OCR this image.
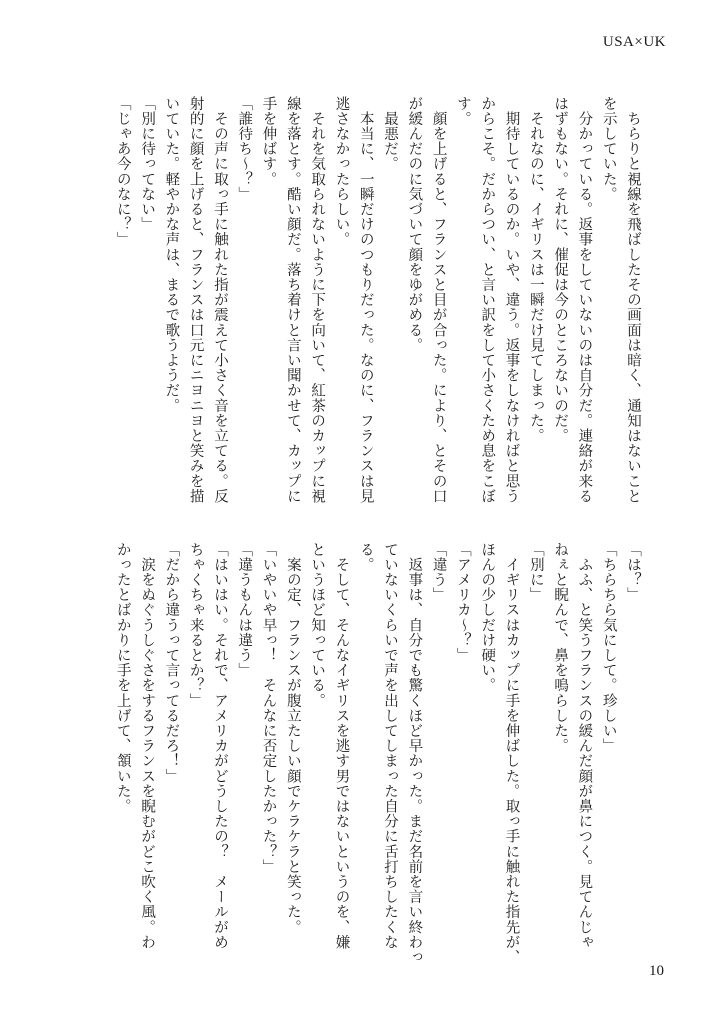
USA×UK
　ちらりと視線を飛ばしたその画面は暗く、通知はないこと
を示していた。
　分かっている。返事をしていないのは自分だ。連絡が来る
はずもない。それに、催促は今のところないのだ。
　それなのに、イギリスは一瞬だけ見てしまった。
　期待しているのか。いや、違う。返事をしなければと思う
からこそ。だからつい、と言い訳をして小さくため息をこぼ
す。
　顔を上げると、フランスと目が合った。により、とその口
が緩んだのに気づいて顔をゆがめる。
　最悪だ。
　本当に、一瞬だけのつもりだった。なのに、フランスは見
逃さなかったらしい。
　それを気取られないように下を向いて、紅茶のカップに視
線を落とす。酷い顔だ。落ち着けと言い聞かせて、カップに
手を伸ばす。
「誰待ち～？」
　その声に取っ手に触れた指が震えて小さく音を立てる。反
射的に顔を上げると、フランスは口元にニヨニヨと笑みを描
いていた。軽やかな声は、まるで歌うようだ。
「別に待ってない」
「じゃあ今のなに？」
「は？」
「ちらちら気にして。珍しい」
　ふふ、と笑うフランスの緩んだ顔が鼻につく。見てんじゃ
ねぇと睨んで、鼻を鳴らした。
「別に」
　イギリスはカップに手を伸ばした。取っ手に触れた指先が、
ほんの少しだけ硬い。
「アメリカ～？」
「違う」
　返事は、自分でも驚くほど早かった。まだ名前を言い終わっ
ていないくらいで声を出してしまった自分に舌打ちしたくな
る。
　そして、そんなイギリスを逃す男ではないというのを、嫌
というほど知っている。
　案の定、フランスが腹立たしい顔でケラケラと笑った。
「いやいや早っ！　そんなに否定したかった？」
「違うもんは違う」
「はいはい。それで、アメリカがどうしたの？　メールがめ
ちゃくちゃ来るとか？」
「だから違うって言ってるだろ！」
　涙をぬぐうしぐさをするフランスを睨むがどこ吹く風。わ
かったとばかりに手を上げて、頷いた。
10
